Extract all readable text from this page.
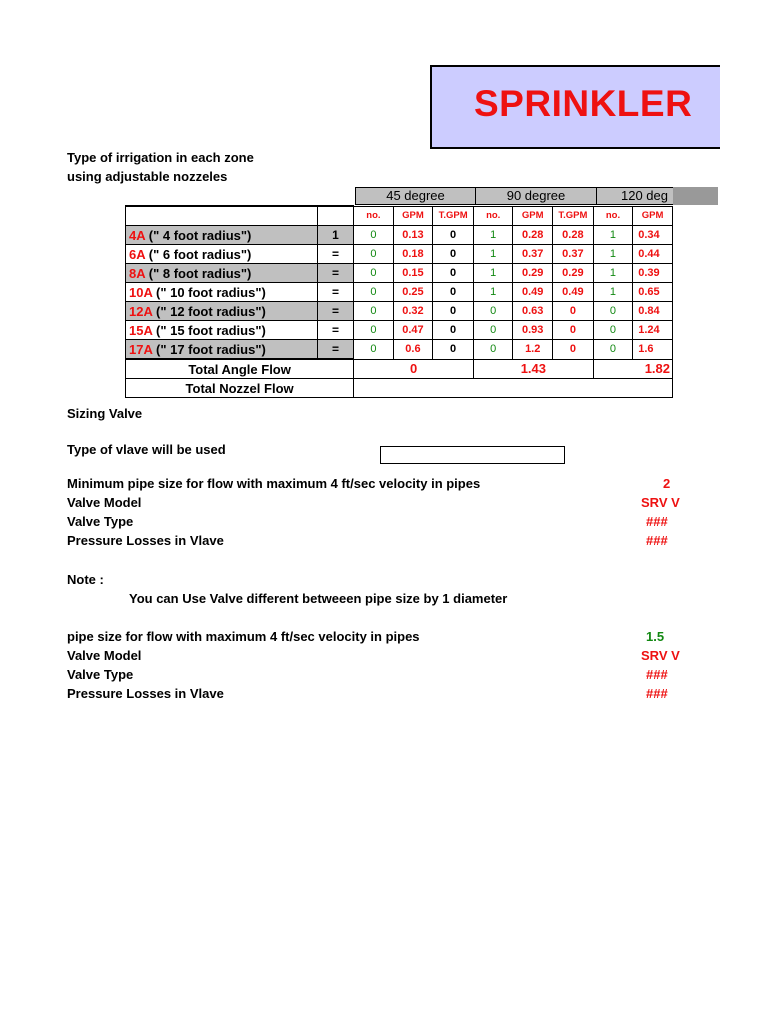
SPRINKLER
Type of irrigation in each zone
using adjustable nozzeles
45 degree	90 degree	120 deg
		no.	GPM	T.GPM	no.	GPM	T.GPM	no.	GPM
4A (" 4 foot radius")	1	0	0.13	0	1	0.28	0.28	1	0.34
6A (" 6 foot radius")	=	0	0.18	0	1	0.37	0.37	1	0.44
8A (" 8 foot radius")	=	0	0.15	0	1	0.29	0.29	1	0.39
10A (" 10 foot radius")	=	0	0.25	0	1	0.49	0.49	1	0.65
12A (" 12 foot radius")	=	0	0.32	0	0	0.63	0	0	0.84
15A (" 15 foot radius")	=	0	0.47	0	0	0.93	0	0	1.24
17A (" 17 foot radius")	=	0	0.6	0	0	1.2	0	0	1.6
Total Angle Flow		0			1.43			1.82	
Total Nozzel Flow									
Sizing Valve
Type of vlave will be used
Minimum pipe size for flow with maximum 4 ft/sec velocity in pipes	2
Valve Model	SRV V
Valve Type	###
Pressure Losses in Vlave	###
Note :
You can Use Valve different betweeen pipe size by 1 diameter
pipe size for flow with maximum 4 ft/sec velocity in pipes	1.5
Valve Model	SRV V
Valve Type	###
Pressure Losses in Vlave	###
